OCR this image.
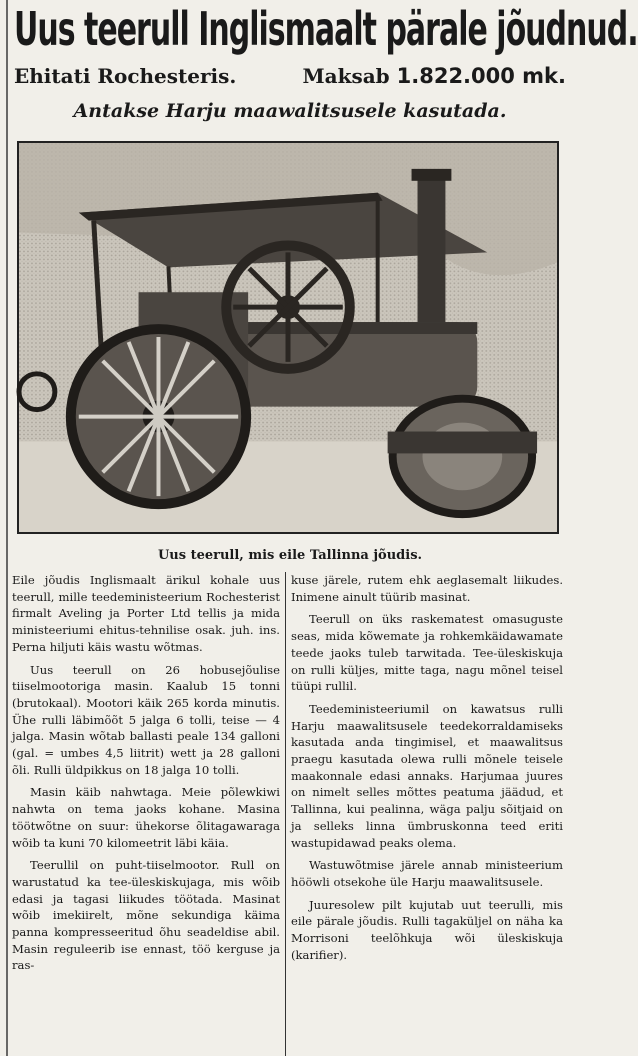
Uus teerull Inglismaalt pärale jõudnud.
Ehitati Rochesteris.	Maksab 1.822.000 mk.
Antakse Harju maawalitsusele kasutada.
Uus teerull, mis eile Tallinna jõudis.

Eile jõudis Inglismaalt ärikul kohale uus teerull, mille teedeministeerium Rochesterist firmalt Aveling ja Porter Ltd tellis ja mida ministeeriumi ehitus-tehnilise osak. juh. ins. Perna hiljuti käis wastu wõtmas.

Uus teerull on 26 hobusejõulise tiiselmootoriga masin. Kaalub 15 tonni (brutokaal). Mootori käik 265 korda minutis. Ühe rulli läbimõõt 5 jalga 6 tolli, teise — 4 jalga. Masin wõtab ballasti peale 134 galloni (gal. = umbes 4,5 liitrit) wett ja 28 galloni õli. Rulli üldpikkus on 18 jalga 10 tolli.

Masin käib nahwtaga. Meie põlewkiwi nahwta on tema jaoks kohane. Masina töötwõtne on suur: ühekorse õlitagawaraga wõib ta kuni 70 kilomeetrit läbi käia.

Teerullil on puht-tiiselmootor. Rull on warustatud ka tee-üleskiskujaga, mis wõib edasi ja tagasi liikudes töötada. Masinat wõib imekiirelt, mõne sekundiga käima panna kompresseeritud õhu seadeldise abil. Masin reguleerib ise ennast, töö kerguse ja ras-

kuse järele, rutem ehk aeglasemalt liikudes. Inimene ainult tüürib masinat.

Teerull on üks raskematest omasuguste seas, mida kõwemate ja rohkemkäidawamate teede jaoks tuleb tarwitada. Tee-üleskiskuja on rulli küljes, mitte taga, nagu mõnel teisel tüüpi rullil.

Teedeministeeriumil on kawatsus rulli Harju maawalitsusele teedekorraldamiseks kasutada anda tingimisel, et maawalitsus praegu kasutada olewa rulli mõnele teisele maakonnale edasi annaks. Harjumaa juures on nimelt selles mõttes peatuma jäädud, et Tallinna, kui pealinna, wäga palju sõitjaid on ja selleks linna ümbruskonna teed eriti wastupidawad peaks olema.

Wastuwõtmise järele annab ministeerium hööwli otsekohe üle Harju maawalitsusele.

Juuresolew pilt kujutab uut teerulli, mis eile pärale jõudis. Rulli tagaküljel on näha ka Morrisoni teelõhkuja wõi üleskiskuja (karifier).
